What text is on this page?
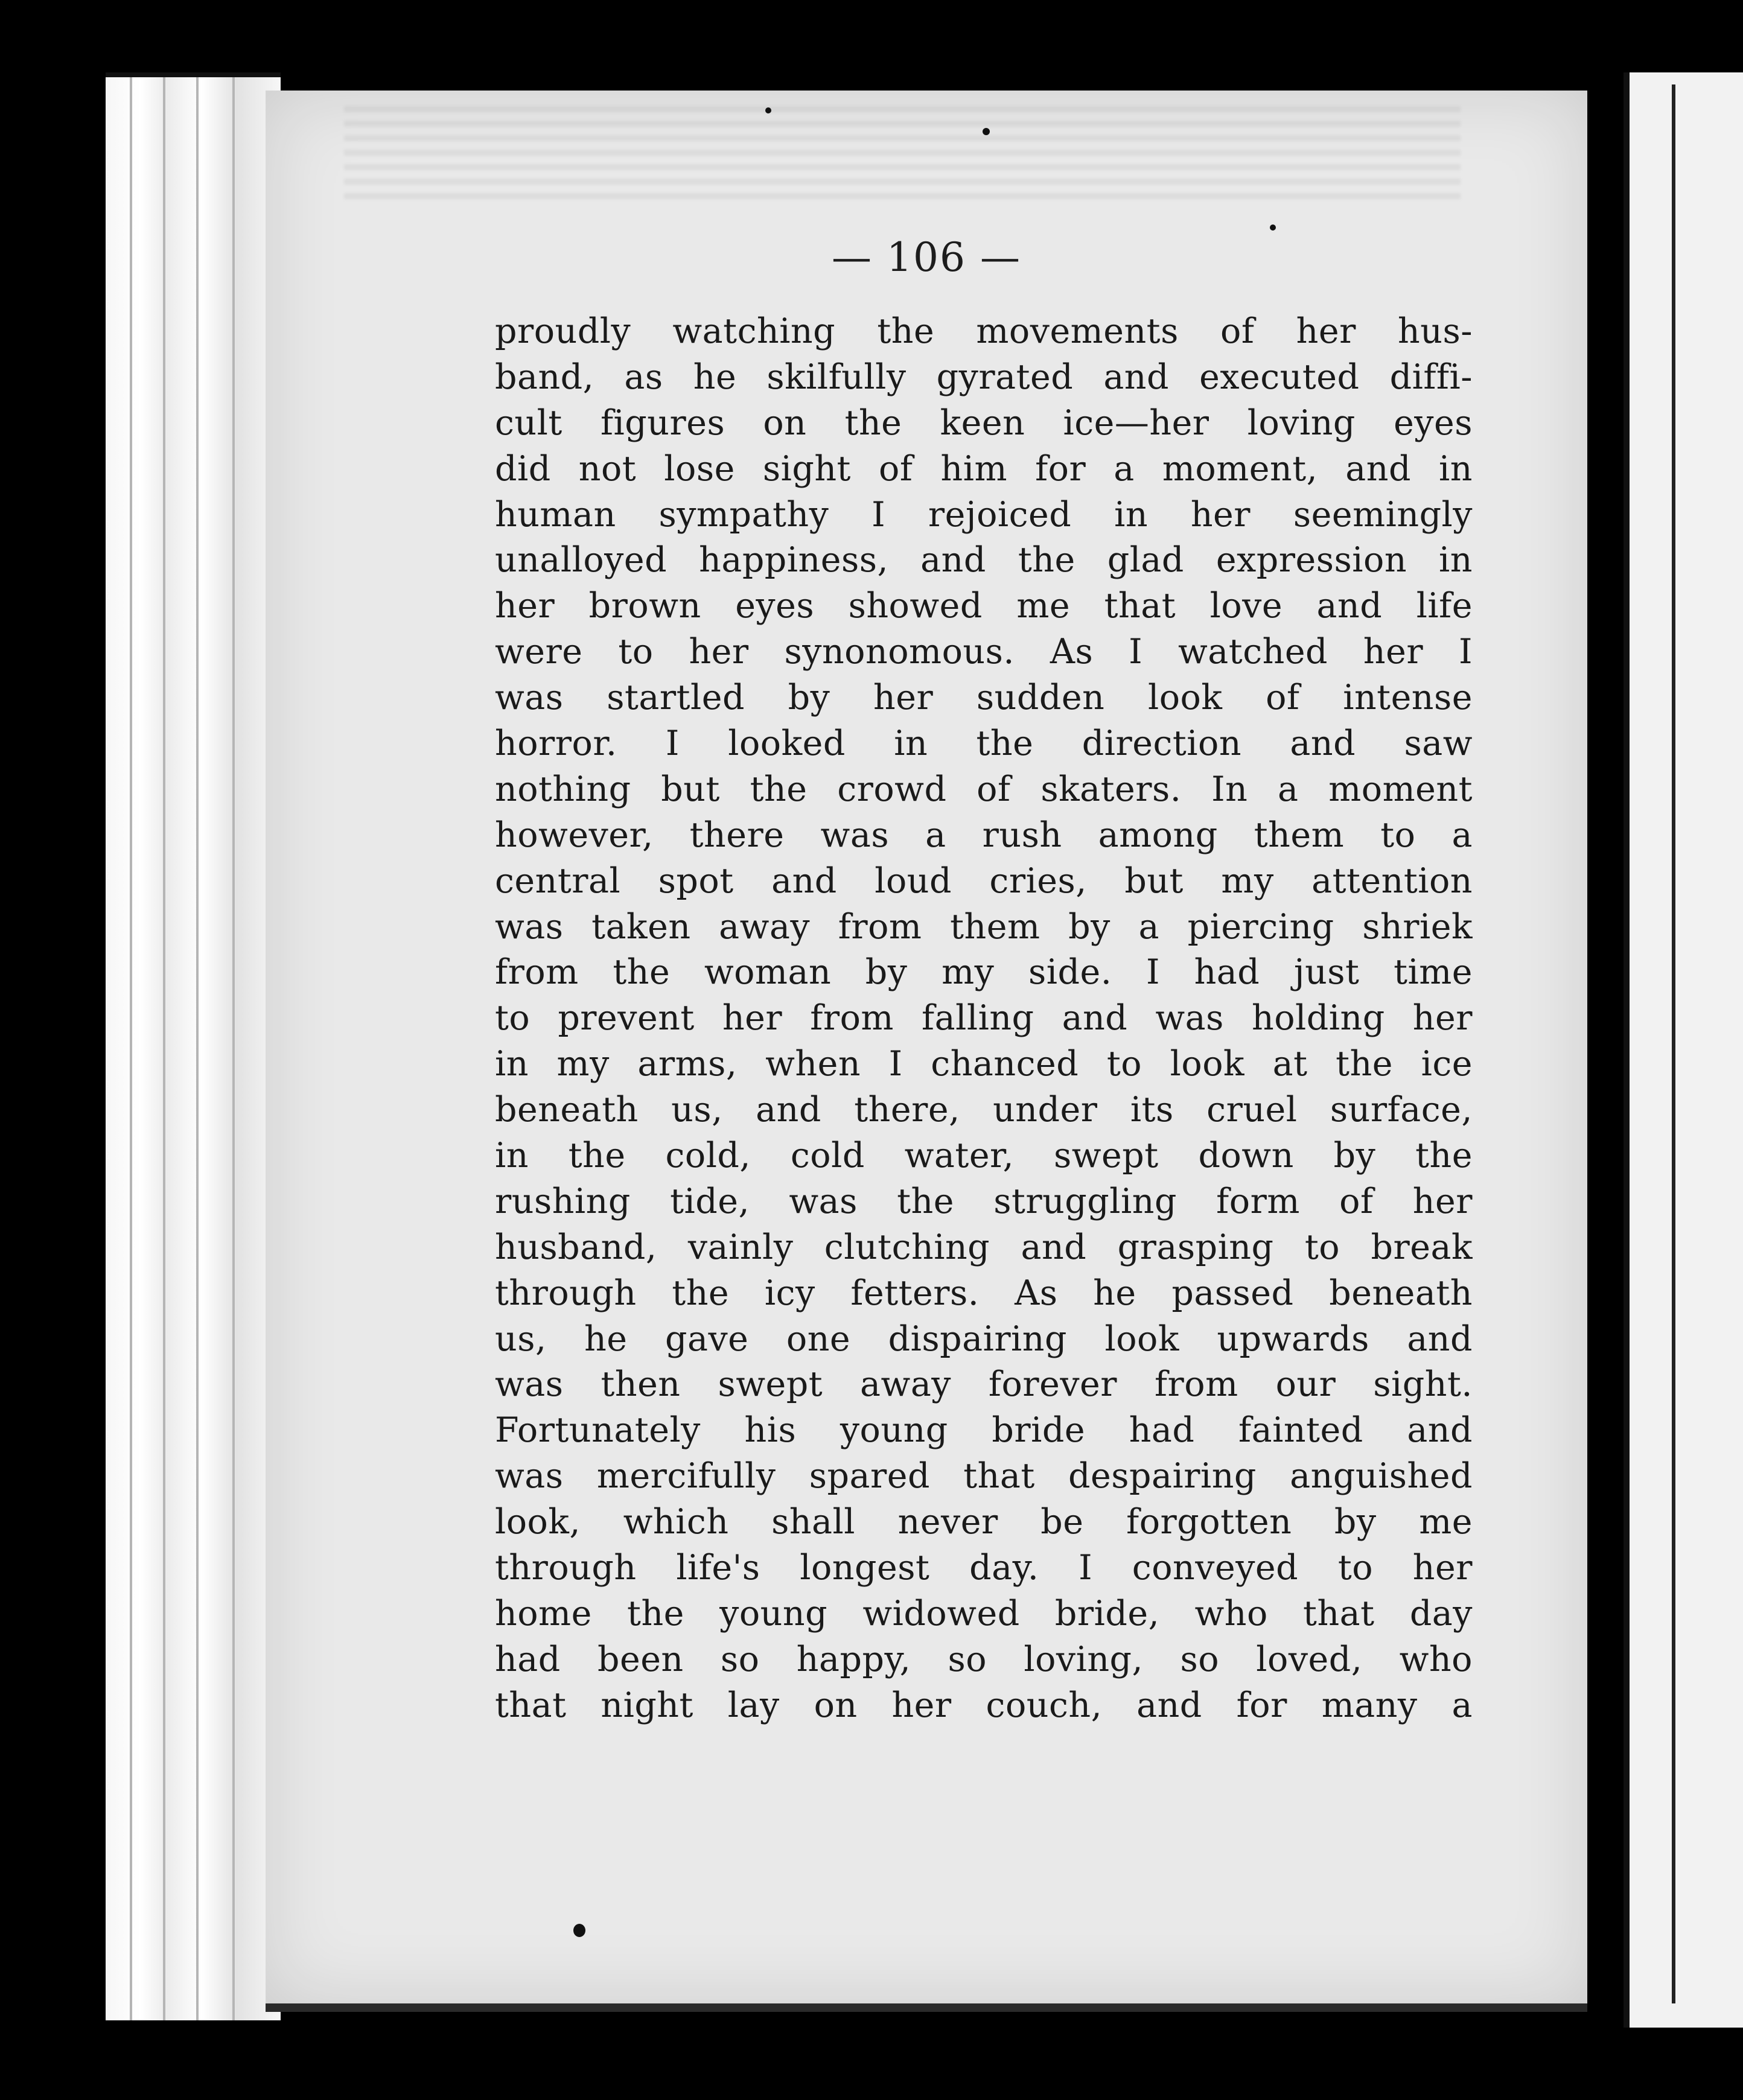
— 106 —
proudly watching the movements of her hus-
band, as he skilfully gyrated and executed diffi-
cult figures on the keen ice—her loving eyes
did not lose sight of him for a moment, and in
human sympathy I rejoiced in her seemingly
unalloyed happiness, and the glad expression in
her brown eyes showed me that love and life
were to her synonomous. As I watched her I
was startled by her sudden look of intense
horror. I looked in the direction and saw
nothing but the crowd of skaters. In a moment
however, there was a rush among them to a
central spot and loud cries, but my attention
was taken away from them by a piercing shriek
from the woman by my side. I had just time
to prevent her from falling and was holding her
in my arms, when I chanced to look at the ice
beneath us, and there, under its cruel surface,
in the cold, cold water, swept down by the
rushing tide, was the struggling form of her
husband, vainly clutching and grasping to break
through the icy fetters. As he passed beneath
us, he gave one dispairing look upwards and
was then swept away forever from our sight.
Fortunately his young bride had fainted and
was mercifully spared that despairing anguished
look, which shall never be forgotten by me
through life's longest day. I conveyed to her
home the young widowed bride, who that day
had been so happy, so loving, so loved, who
that night lay on her couch, and for many a
